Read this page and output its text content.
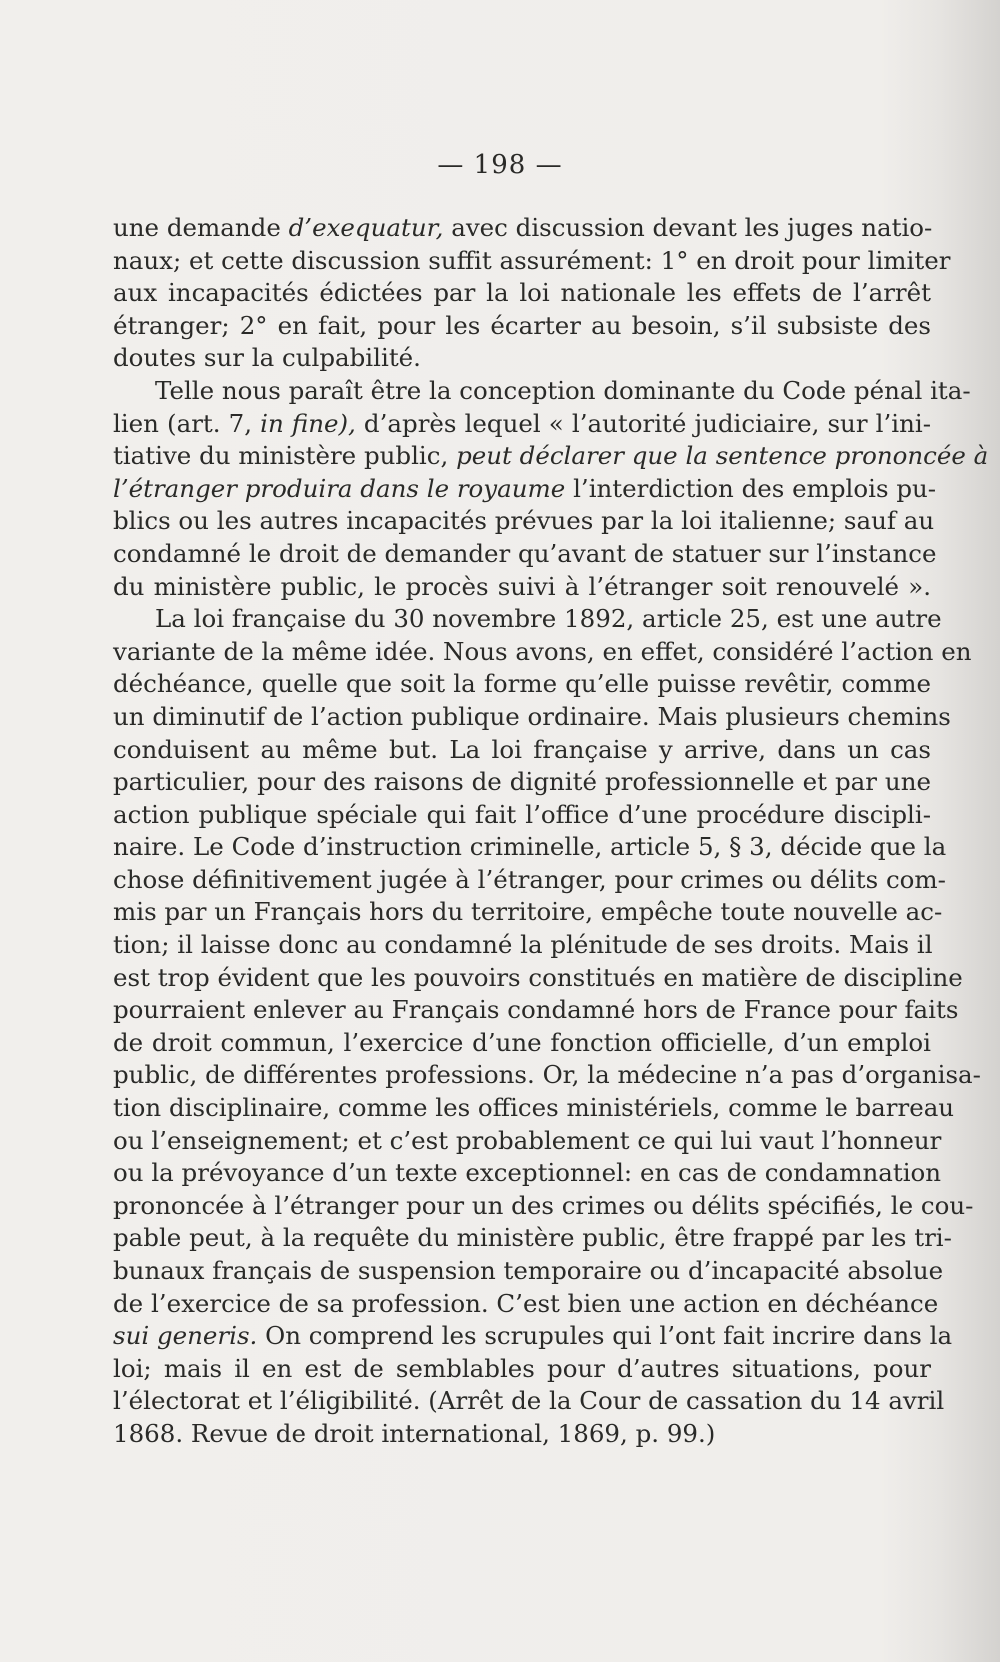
— 198 —
une demande d’exequatur, avec discussion devant les juges natio-
naux; et cette discussion suffit assurément: 1° en droit pour limiter
aux incapacités édictées par la loi nationale les effets de l’arrêt
étranger; 2° en fait, pour les écarter au besoin, s’il subsiste des
doutes sur la culpabilité.
Telle nous paraît être la conception dominante du Code pénal ita-
lien (art. 7, in fine), d’après lequel « l’autorité judiciaire, sur l’ini-
tiative du ministère public, peut déclarer que la sentence prononcée à
l’étranger produira dans le royaume l’interdiction des emplois pu-
blics ou les autres incapacités prévues par la loi italienne; sauf au
condamné le droit de demander qu’avant de statuer sur l’instance
du ministère public, le procès suivi à l’étranger soit renouvelé ».
La loi française du 30 novembre 1892, article 25, est une autre
variante de la même idée. Nous avons, en effet, considéré l’action en
déchéance, quelle que soit la forme qu’elle puisse revêtir, comme
un diminutif de l’action publique ordinaire. Mais plusieurs chemins
conduisent au même but. La loi française y arrive, dans un cas
particulier, pour des raisons de dignité professionnelle et par une
action publique spéciale qui fait l’office d’une procédure discipli-
naire. Le Code d’instruction criminelle, article 5, § 3, décide que la
chose définitivement jugée à l’étranger, pour crimes ou délits com-
mis par un Français hors du territoire, empêche toute nouvelle ac-
tion; il laisse donc au condamné la plénitude de ses droits. Mais il
est trop évident que les pouvoirs constitués en matière de discipline
pourraient enlever au Français condamné hors de France pour faits
de droit commun, l’exercice d’une fonction officielle, d’un emploi
public, de différentes professions. Or, la médecine n’a pas d’organisa-
tion disciplinaire, comme les offices ministériels, comme le barreau
ou l’enseignement; et c’est probablement ce qui lui vaut l’honneur
ou la prévoyance d’un texte exceptionnel: en cas de condamnation
prononcée à l’étranger pour un des crimes ou délits spécifiés, le cou-
pable peut, à la requête du ministère public, être frappé par les tri-
bunaux français de suspension temporaire ou d’incapacité absolue
de l’exercice de sa profession. C’est bien une action en déchéance
sui generis. On comprend les scrupules qui l’ont fait incrire dans la
loi; mais il en est de semblables pour d’autres situations, pour
l’électorat et l’éligibilité. (Arrêt de la Cour de cassation du 14 avril
1868. Revue de droit international, 1869, p. 99.)
